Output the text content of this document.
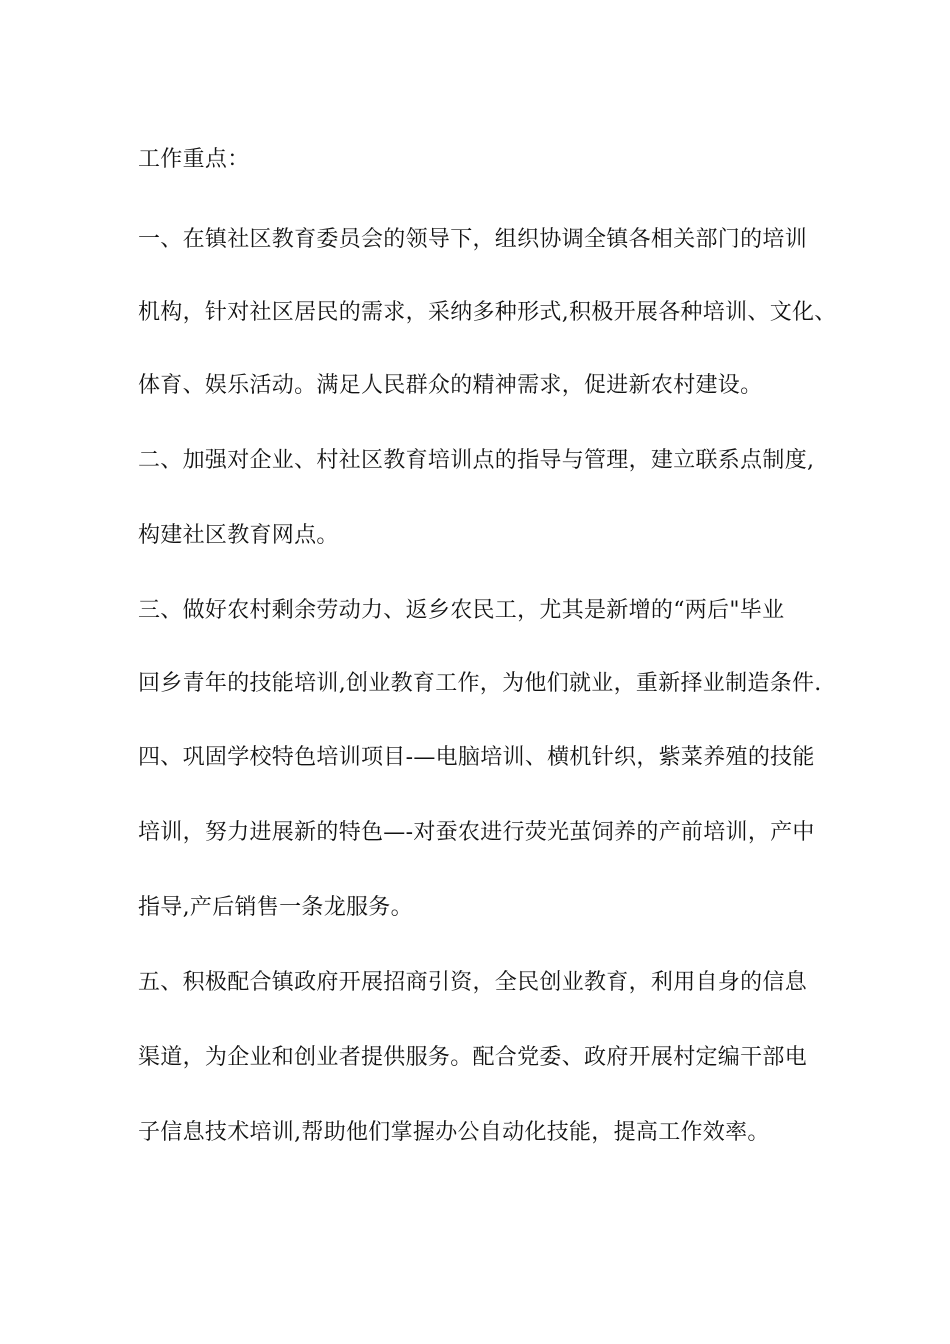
工作重点：
一、在镇社区教育委员会的领导下，组织协调全镇各相关部门的培训
机构，针对社区居民的需求，采纳多种形式,积极开展各种培训、文化、
体育、娱乐活动。满足人民群众的精神需求，促进新农村建设。
二、加强对企业、村社区教育培训点的指导与管理，建立联系点制度,
构建社区教育网点。
三、做好农村剩余劳动力、返乡农民工，尤其是新增的“两后"毕业
回乡青年的技能培训,创业教育工作，为他们就业，重新择业制造条件.
四、巩固学校特色培训项目-—电脑培训、横机针织，紫菜养殖的技能
培训，努力进展新的特色—-对蚕农进行荧光茧饲养的产前培训，产中
指导,产后销售一条龙服务。
五、积极配合镇政府开展招商引资，全民创业教育，利用自身的信息
渠道，为企业和创业者提供服务。配合党委、政府开展村定编干部电
子信息技术培训,帮助他们掌握办公自动化技能，提高工作效率。
